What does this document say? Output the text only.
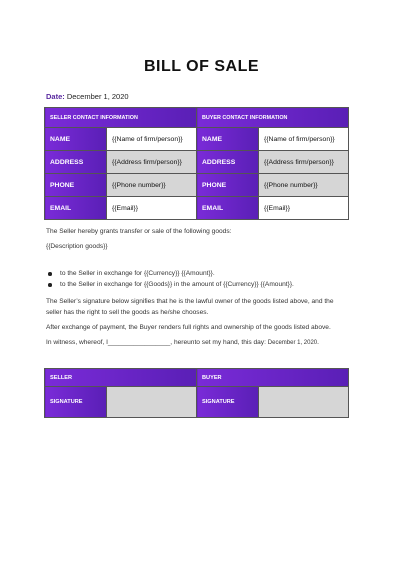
BILL OF SALE
Date: December 1, 2020
SELLER CONTACT INFORMATION		BUYER CONTACT INFORMATION	
NAME	{{Name of firm/person}}	NAME	{{Name of firm/person}}
ADDRESS	{{Address firm/person}}	ADDRESS	{{Address firm/person}}
PHONE	{{Phone number}}	PHONE	{{Phone number}}
EMAIL	{{Email}}	EMAIL	{{Email}}
The Seller hereby grants transfer or sale of the following goods:
{{Description goods}}
to the Seller in exchange for {{Currency}} {{Amount}}.
to the Seller in exchange for {{Goods}} in the amount of {{Currency}} {{Amount}}.
The Seller’s signature below signifies that he is the lawful owner of the goods listed above, and the
seller has the right to sell the goods as he/she chooses.
After exchange of payment, the Buyer renders full rights and ownership of the goods listed above.
In witness, whereof, I_________________, hereunto set my hand, this day: December 1, 2020.
SELLER		BUYER	
SIGNATURE		SIGNATURE	
